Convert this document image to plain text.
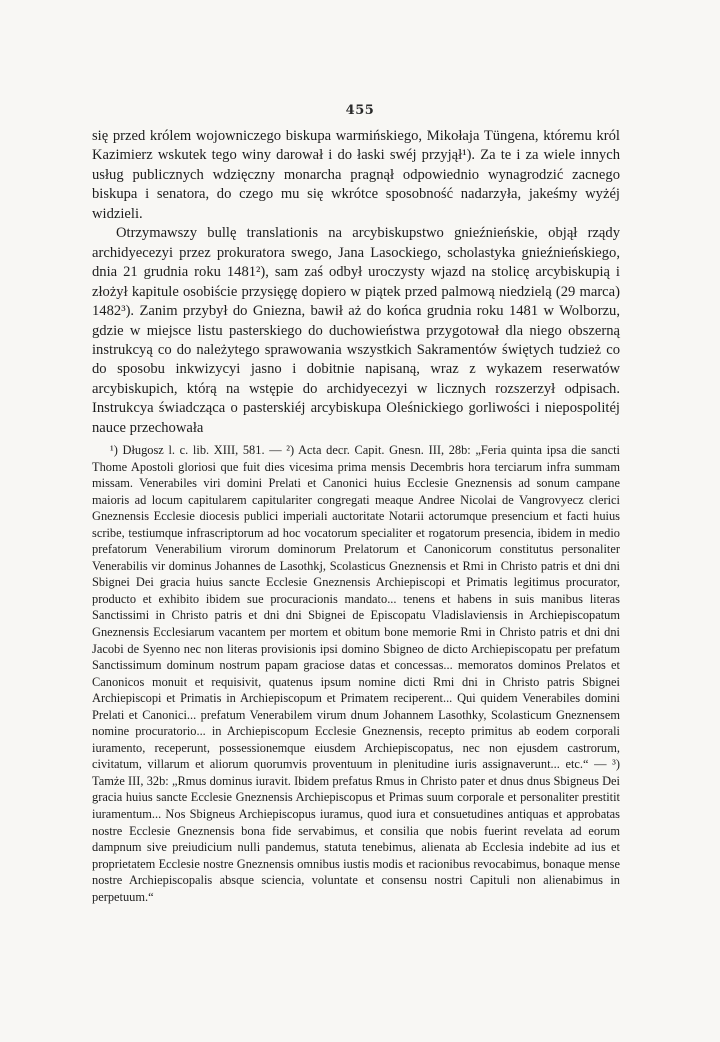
455

się przed królem wojowniczego biskupa warmińskiego, Mikołaja Tüngena, któremu król Kazimierz wskutek tego winy darował i do łaski swéj przyjął¹). Za te i za wiele innych usług publicznych wdzięczny monarcha pragnął odpowiednio wynagrodzić zacnego biskupa i senatora, do czego mu się wkrótce sposobność nadarzyła, jakeśmy wyżéj widzieli.

Otrzymawszy bullę translationis na arcybiskupstwo gnieźnieńskie, objął rządy archidyecezyi przez prokuratora swego, Jana Lasockiego, scholastyka gnieźnieńskiego, dnia 21 grudnia roku 1481²), sam zaś odbył uroczysty wjazd na stolicę arcybiskupią i złożył kapitule osobiście przysięgę dopiero w piątek przed palmową niedzielą (29 marca) 1482³). Zanim przybył do Gniezna, bawił aż do końca grudnia roku 1481 w Wolborzu, gdzie w miejsce listu pasterskiego do duchowieństwa przygotował dla niego obszerną instrukcyą co do należytego sprawowania wszystkich Sakramentów świętych tudzież co do sposobu inkwizycyi jasno i dobitnie napisaną, wraz z wykazem reserwatów arcybiskupich, którą na wstępie do archidyecezyi w licznych rozszerzył odpisach. Instrukcya świadcząca o pasterskiéj arcybiskupa Oleśnickiego gorliwości i niepospolitéj nauce przechowała

¹) Długosz l. c. lib. XIII, 581. — ²) Acta decr. Capit. Gnesn. III, 28b: „Feria quinta ipsa die sancti Thome Apostoli gloriosi que fuit dies vicesima prima mensis Decembris hora terciarum infra summam missam. Venerabiles viri domini Prelati et Canonici huius Ecclesie Gneznensis ad sonum campane maioris ad locum capitularem capitulariter congregati meaque Andree Nicolai de Vangrovyecz clerici Gneznensis Ecclesie diocesis publici imperiali auctoritate Notarii actorumque presencium et facti huius scribe, testiumque infrascriptorum ad hoc vocatorum specialiter et rogatorum presencia, ibidem in medio prefatorum Venerabilium virorum dominorum Prelatorum et Canonicorum constitutus personaliter Venerabilis vir dominus Johannes de Lasothkj, Scolasticus Gneznensis et Rmi in Christo patris et dni dni Sbignei Dei gracia huius sancte Ecclesie Gneznensis Archiepiscopi et Primatis legitimus procurator, producto et exhibito ibidem sue procuracionis mandato... tenens et habens in suis manibus literas Sanctissimi in Christo patris et dni dni Sbignei de Episcopatu Vladislaviensis in Archiepiscopatum Gneznensis Ecclesiarum vacantem per mortem et obitum bone memorie Rmi in Christo patris et dni dni Jacobi de Syenno nec non literas provisionis ipsi domino Sbigneo de dicto Archiepiscopatu per prefatum Sanctissimum dominum nostrum papam graciose datas et concessas... memoratos dominos Prelatos et Canonicos monuit et requisivit, quatenus ipsum nomine dicti Rmi dni in Christo patris Sbignei Archiepiscopi et Primatis in Archiepiscopum et Primatem reciperent... Qui quidem Venerabiles domini Prelati et Canonici... prefatum Venerabilem virum dnum Johannem Lasothky, Scolasticum Gneznensem nomine procuratorio... in Archiepiscopum Ecclesie Gneznensis, recepto primitus ab eodem corporali iuramento, receperunt, possessionemque eiusdem Archiepiscopatus, nec non ejusdem castrorum, civitatum, villarum et aliorum quorumvis proventuum in plenitudine iuris assignaverunt... etc.“ — ³) Tamże III, 32b: „Rmus dominus iuravit. Ibidem prefatus Rmus in Christo pater et dnus dnus Sbigneus Dei gracia huius sancte Ecclesie Gneznensis Archiepiscopus et Primas suum corporale et personaliter prestitit iuramentum... Nos Sbigneus Archiepiscopus iuramus, quod iura et consuetudines antiquas et approbatas nostre Ecclesie Gneznensis bona fide servabimus, et consilia que nobis fuerint revelata ad eorum dampnum sive preiudicium nulli pandemus, statuta tenebimus, alienata ab Ecclesia indebite ad ius et proprietatem Ecclesie nostre Gneznensis omnibus iustis modis et racionibus revocabimus, bonaque mense nostre Archiepiscopalis absque sciencia, voluntate et consensu nostri Capituli non alienabimus in perpetuum.“
